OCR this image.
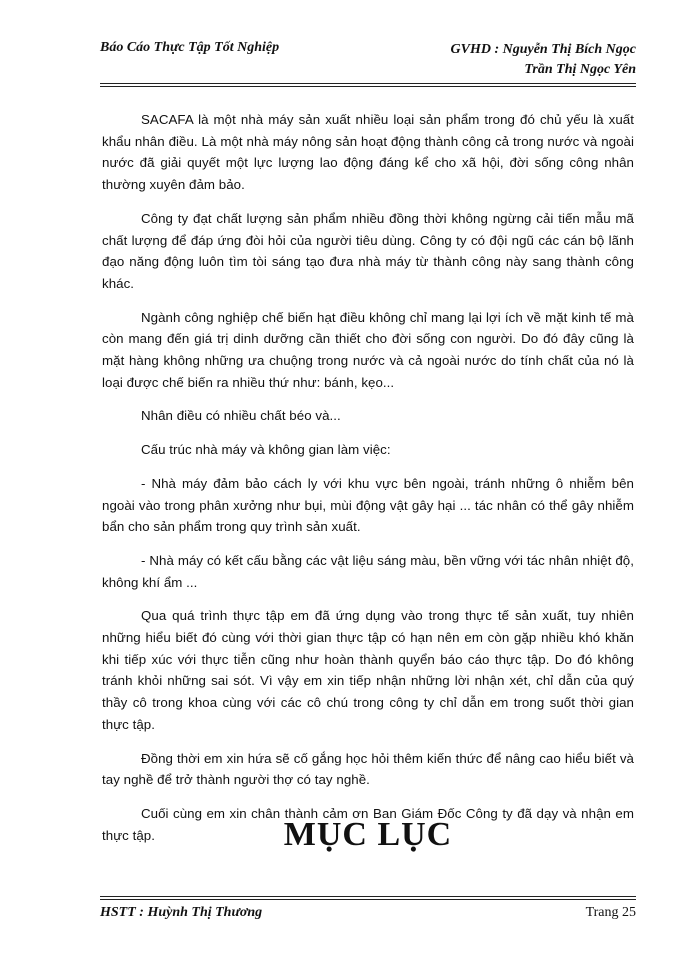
Báo Cáo Thực Tập Tốt Nghiệp	GVHD : Nguyễn Thị Bích Ngọc
Trần Thị Ngọc Yên

SACAFA là một nhà máy sản xuất nhiều loại sản phẩm trong đó chủ yếu là xuất khẩu nhân điều. Là một nhà máy nông sản hoạt động thành công cả trong nước và ngoài nước đã giải quyết một lực lượng lao động đáng kể cho xã hội, đời sống công nhân thường xuyên đảm bảo.

Công ty đạt chất lượng sản phẩm nhiều đồng thời không ngừng cải tiến mẫu mã chất lượng để đáp ứng đòi hỏi của người tiêu dùng. Công ty có đội ngũ các cán bộ lãnh đạo năng động luôn tìm tòi sáng tạo đưa nhà máy từ thành công này sang thành công khác.

Ngành công nghiệp chế biến hạt điều không chỉ mang lại lợi ích về mặt kinh tế mà còn mang đến giá trị dinh dưỡng cần thiết cho đời sống con người. Do đó đây cũng là mặt hàng không những ưa chuộng trong nước và cả ngoài nước do tính chất của nó là loại được chế biến ra nhiều thứ như: bánh, kẹo...

Nhân điều có nhiều chất béo và...

Cấu trúc nhà máy và không gian làm việc:

- Nhà máy đảm bảo cách ly với khu vực bên ngoài, tránh những ô nhiễm bên ngoài vào trong phân xưởng như bụi, mùi động vật gây hại ... tác nhân có thể gây nhiễm bẩn cho sản phẩm trong quy trình sản xuất.

- Nhà máy có kết cấu bằng các vật liệu sáng màu, bền vững với tác nhân nhiệt độ, không khí ẩm ...

Qua quá trình thực tập em đã ứng dụng vào trong thực tế sản xuất, tuy nhiên những hiểu biết đó cùng với thời gian thực tập có hạn nên em còn gặp nhiều khó khăn khi tiếp xúc với thực tiễn cũng như hoàn thành quyển báo cáo thực tập. Do đó không tránh khỏi những sai sót. Vì vậy em xin tiếp nhận những lời nhận xét, chỉ dẫn của quý thầy cô trong khoa cùng với các cô chú trong công ty chỉ dẫn em trong suốt thời gian thực tập.

Đồng thời em xin hứa sẽ cố gắng học hỏi thêm kiến thức để nâng cao hiểu biết và tay nghề để trở thành người thợ có tay nghề.

Cuối cùng em xin chân thành cảm ơn Ban Giám Đốc Công ty đã dạy và nhận em thực tập.	MỤC LỤC
HSTT : Huỳnh Thị Thương	Trang 25
